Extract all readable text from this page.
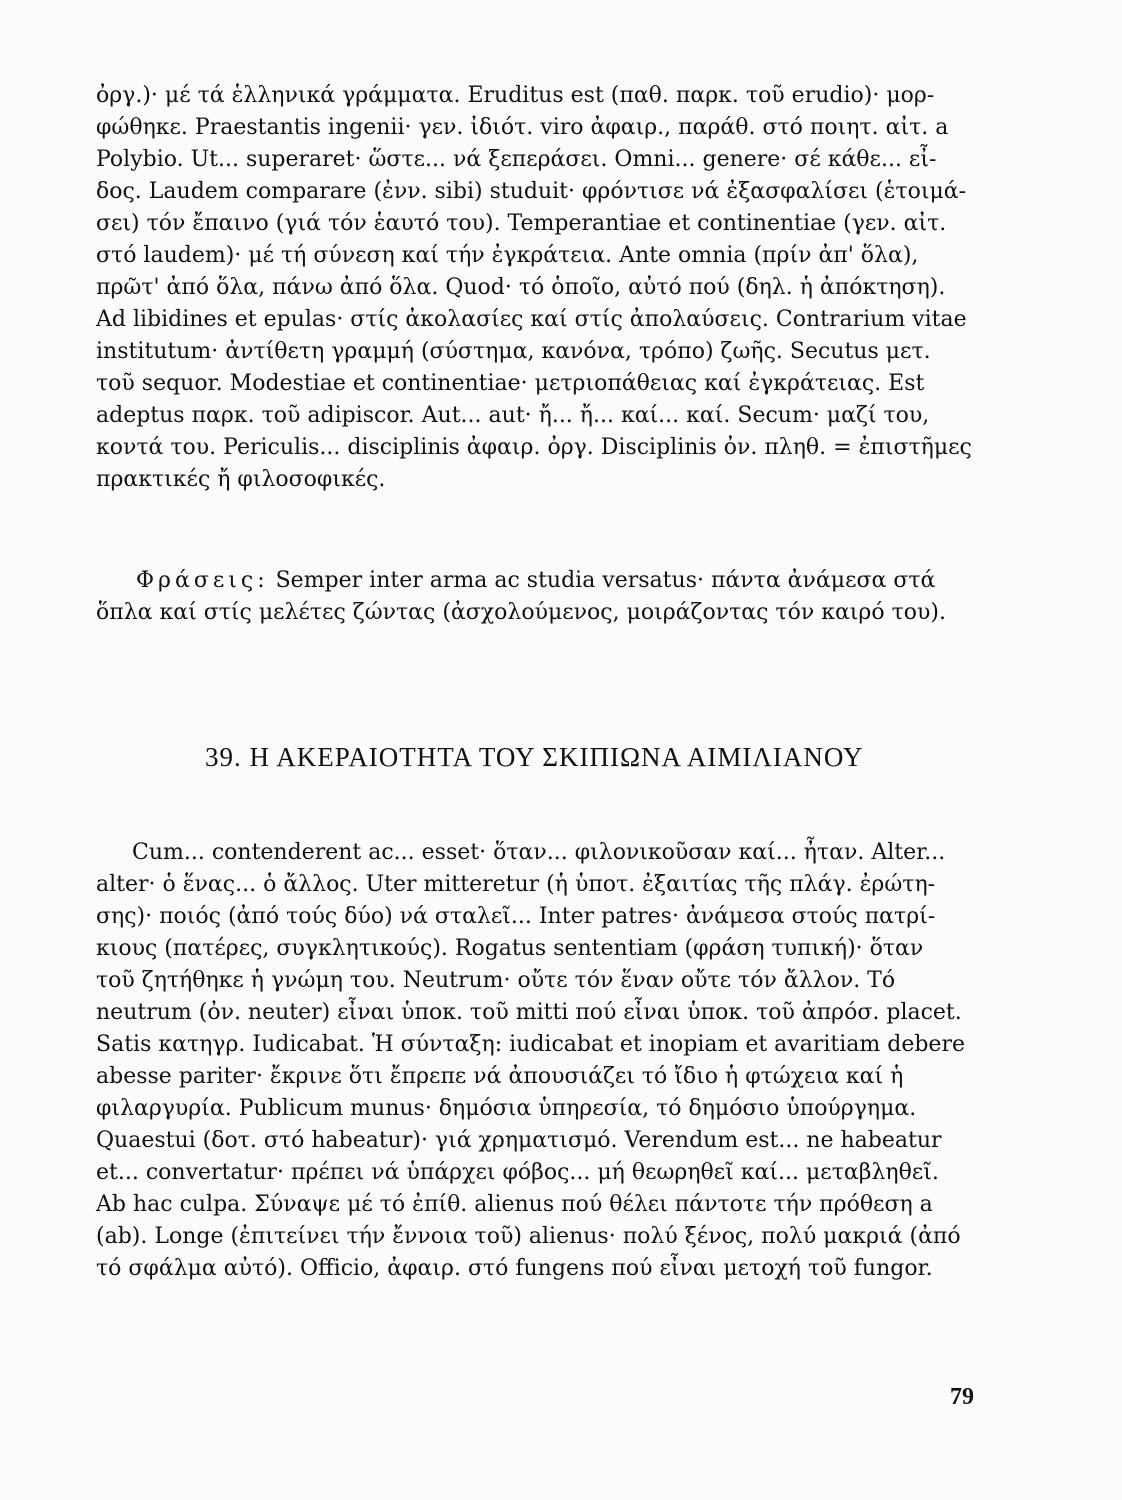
ὀργ.)· μέ τά ἑλληνικά γράμματα. Eruditus est (παθ. παρκ. τοῦ erudio)· μορ-

φώθηκε. Praestantis ingenii· γεν. ἰδιότ. viro ἀφαιρ., παράθ. στό ποιητ. αἰτ. a

Polybio. Ut... superaret· ὥστε... νά ξεπεράσει. Omni... genere· σέ κάθε... εἶ-

δος. Laudem comparare (ἐνν. sibi) studuit· φρόντισε νά ἐξασφαλίσει (ἑτοιμά-

σει) τόν ἔπαινο (γιά τόν ἑαυτό του). Temperantiae et continentiae (γεν. αἰτ.

στό laudem)· μέ τή σύνεση καί τήν ἐγκράτεια. Ante omnia (πρίν ἀπ' ὅλα),

πρῶτ' ἀπό ὅλα, πάνω ἀπό ὅλα. Quod· τό ὁποῖο, αὐτό πού (δηλ. ἡ ἀπόκτηση).

Ad libidines et epulas· στίς ἀκολασίες καί στίς ἀπολαύσεις. Contrarium vitae

institutum· ἀντίθετη γραμμή (σύστημα, κανόνα, τρόπο) ζωῆς. Secutus μετ.

τοῦ sequor. Modestiae et continentiae· μετριοπάθειας καί ἐγκράτειας. Est

adeptus παρκ. τοῦ adipiscor. Aut... aut· ἤ... ἤ... καί... καί. Secum· μαζί του,

κοντά του. Periculis... disciplinis ἀφαιρ. ὀργ. Disciplinis ὀν. πληθ. = ἐπιστῆμες

πρακτικές ἤ φιλοσοφικές.

Φράσεις: Semper inter arma ac studia versatus· πάντα ἀνάμεσα στά

ὅπλα καί στίς μελέτες ζώντας (ἀσχολούμενος, μοιράζοντας τόν καιρό του).

39. Η ΑΚΕΡΑΙΟΤΗΤΑ ΤΟΥ ΣΚΙΠΙΩΝΑ ΑΙΜΙΛΙΑΝΟΥ

Cum... contenderent ac... esset· ὅταν... φιλονικοῦσαν καί... ἦταν. Alter...

alter· ὁ ἕνας... ὁ ἄλλος. Uter mitteretur (ἡ ὑποτ. ἐξαιτίας τῆς πλάγ. ἐρώτη-

σης)· ποιός (ἀπό τούς δύο) νά σταλεῖ... Inter patres· ἀνάμεσα στούς πατρί-

κιους (πατέρες, συγκλητικούς). Rogatus sententiam (φράση τυπική)· ὅταν

τοῦ ζητήθηκε ἡ γνώμη του. Neutrum· οὔτε τόν ἕναν οὔτε τόν ἄλλον. Τό

neutrum (ὀν. neuter) εἶναι ὑποκ. τοῦ mitti πού εἶναι ὑποκ. τοῦ ἀπρόσ. placet.

Satis κατηγρ. Iudicabat. Ἡ σύνταξη: iudicabat et inopiam et avaritiam debere

abesse pariter· ἔκρινε ὅτι ἔπρεπε νά ἀπουσιάζει τό ἴδιο ἡ φτώχεια καί ἡ

φιλαργυρία. Publicum munus· δημόσια ὑπηρεσία, τό δημόσιο ὑπούργημα.

Quaestui (δοτ. στό habeatur)· γιά χρηματισμό. Verendum est... ne habeatur

et... convertatur· πρέπει νά ὑπάρχει φόβος... μή θεωρηθεῖ καί... μεταβληθεῖ.

Ab hac culpa. Σύναψε μέ τό ἐπίθ. alienus πού θέλει πάντοτε τήν πρόθεση a

(ab). Longe (ἐπιτείνει τήν ἔννοια τοῦ) alienus· πολύ ξένος, πολύ μακριά (ἀπό

τό σφάλμα αὐτό). Officio, ἀφαιρ. στό fungens πού εἶναι μετοχή τοῦ fungor.

79
